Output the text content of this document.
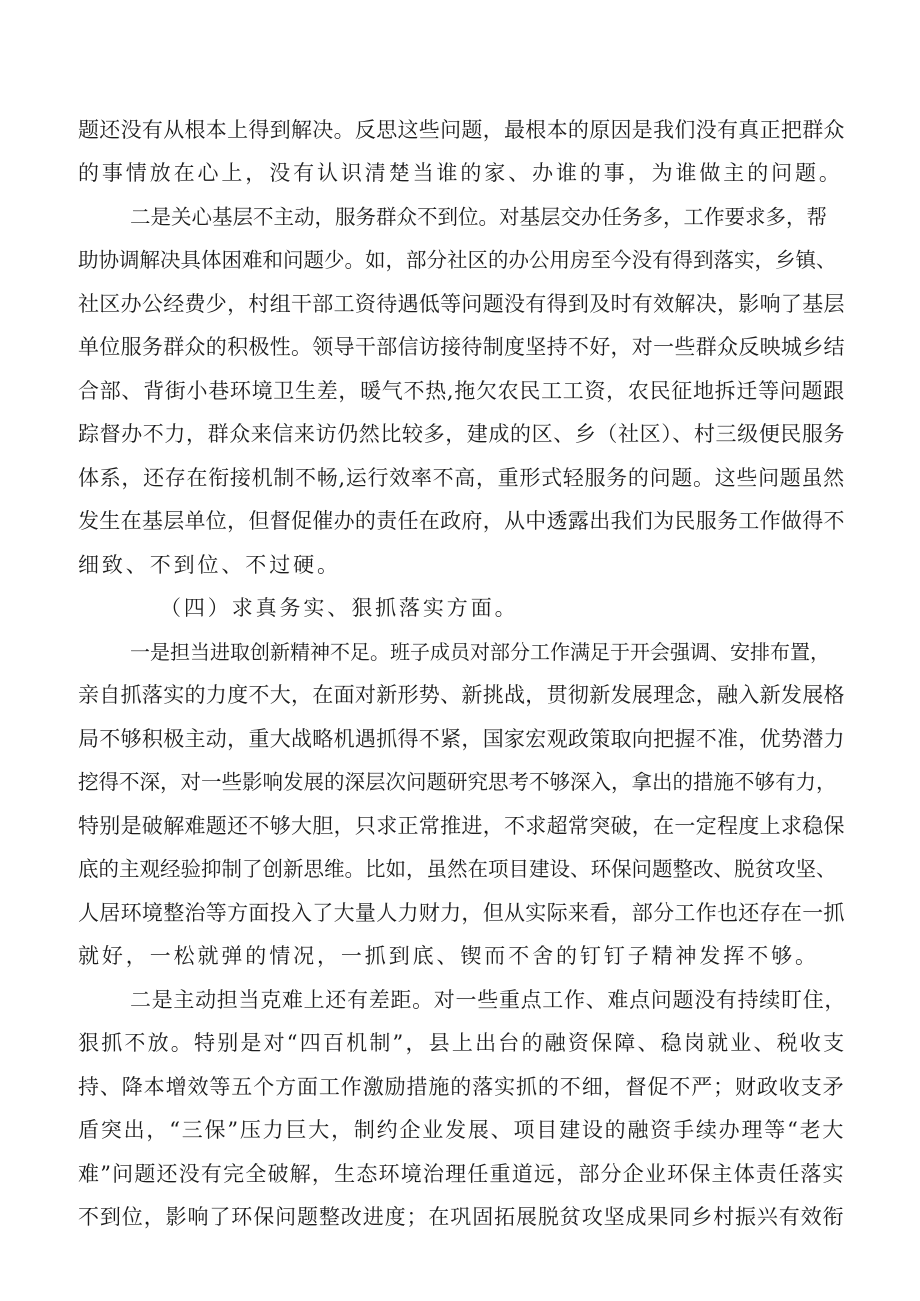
题还没有从根本上得到解决。反思这些问题，最根本的原因是我们没有真正把群众
的事情放在心上，没有认识清楚当谁的家、办谁的事，为谁做主的问题。
二是关心基层不主动，服务群众不到位。对基层交办任务多，工作要求多，帮
助协调解决具体困难和问题少。如，部分社区的办公用房至今没有得到落实，乡镇、
社区办公经费少，村组干部工资待遇低等问题没有得到及时有效解决，影响了基层
单位服务群众的积极性。领导干部信访接待制度坚持不好，对一些群众反映城乡结
合部、背街小巷环境卫生差，暖气不热,拖欠农民工工资，农民征地拆迁等问题跟
踪督办不力，群众来信来访仍然比较多，建成的区、乡（社区）、村三级便民服务
体系，还存在衔接机制不畅,运行效率不高，重形式轻服务的问题。这些问题虽然
发生在基层单位，但督促催办的责任在政府，从中透露出我们为民服务工作做得不
细致、不到位、不过硬。
（四）求真务实、狠抓落实方面。
一是担当进取创新精神不足。班子成员对部分工作满足于开会强调、安排布置，
亲自抓落实的力度不大，在面对新形势、新挑战，贯彻新发展理念，融入新发展格
局不够积极主动，重大战略机遇抓得不紧，国家宏观政策取向把握不准，优势潜力
挖得不深，对一些影响发展的深层次问题研究思考不够深入，拿出的措施不够有力，
特别是破解难题还不够大胆，只求正常推进，不求超常突破，在一定程度上求稳保
底的主观经验抑制了创新思维。比如，虽然在项目建设、环保问题整改、脱贫攻坚、
人居环境整治等方面投入了大量人力财力，但从实际来看，部分工作也还存在一抓
就好，一松就弹的情况，一抓到底、锲而不舍的钉钉子精神发挥不够。
二是主动担当克难上还有差距。对一些重点工作、难点问题没有持续盯住，
狠抓不放。特别是对“四百机制”，县上出台的融资保障、稳岗就业、税收支
持、降本增效等五个方面工作激励措施的落实抓的不细，督促不严；财政收支矛
盾突出，“三保”压力巨大，制约企业发展、项目建设的融资手续办理等“老大
难”问题还没有完全破解，生态环境治理任重道远，部分企业环保主体责任落实
不到位，影响了环保问题整改进度；在巩固拓展脱贫攻坚成果同乡村振兴有效衔
